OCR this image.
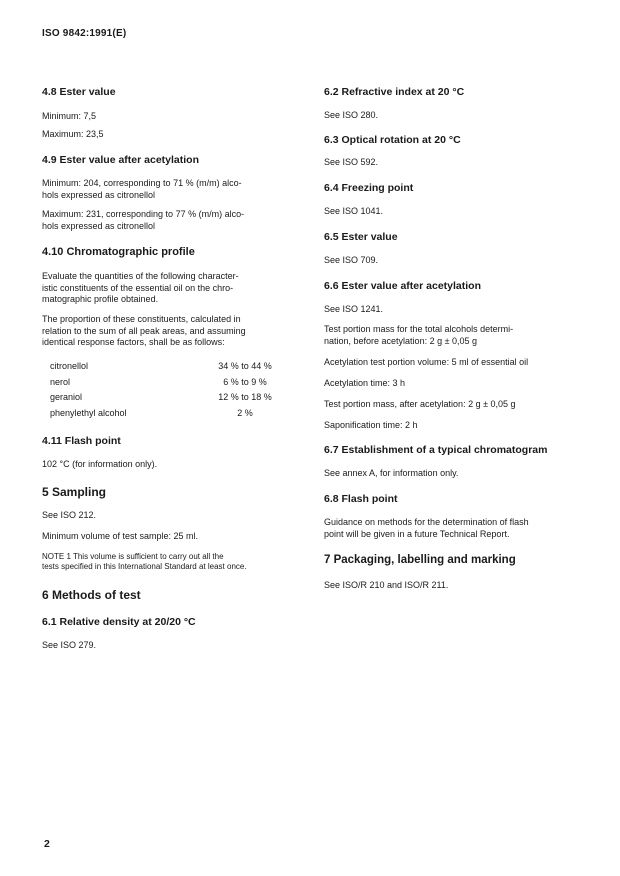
ISO 9842:1991(E)

4.8 Ester value

Minimum: 7,5

Maximum: 23,5

4.9 Ester value after acetylation

Minimum: 204, corresponding to 71 % (m/m) alco-

hols expressed as citronellol

Maximum: 231, corresponding to 77 % (m/m) alco-

hols expressed as citronellol

4.10 Chromatographic profile

Evaluate the quantities of the following character-

istic constituents of the essential oil on the chro-

matographic profile obtained.

The proportion of these constituents, calculated in

relation to the sum of all peak areas, and assuming

identical response factors, shall be as follows:

citronellol	34 % to 44 %
nerol	6 % to 9 %
geraniol	12 % to 18 %
phenylethyl alcohol	2 %

4.11 Flash point

102 °C (for information only).

5 Sampling

See ISO 212.

Minimum volume of test sample: 25 ml.

NOTE 1 This volume is sufficient to carry out all the

tests specified in this International Standard at least once.

6 Methods of test

6.1 Relative density at 20/20 °C

See ISO 279.

6.2 Refractive index at 20 °C

See ISO 280.

6.3 Optical rotation at 20 °C

See ISO 592.

6.4 Freezing point

See ISO 1041.

6.5 Ester value

See ISO 709.

6.6 Ester value after acetylation

See ISO 1241.

Test portion mass for the total alcohols determi-

nation, before acetylation: 2 g ± 0,05 g

Acetylation test portion volume: 5 ml of essential oil

Acetylation time: 3 h

Test portion mass, after acetylation: 2 g ± 0,05 g

Saponification time: 2 h

6.7 Establishment of a typical chromatogram

See annex A, for information only.

6.8 Flash point

Guidance on methods for the determination of flash

point will be given in a future Technical Report.

7 Packaging, labelling and marking

See ISO/R 210 and ISO/R 211.

2
